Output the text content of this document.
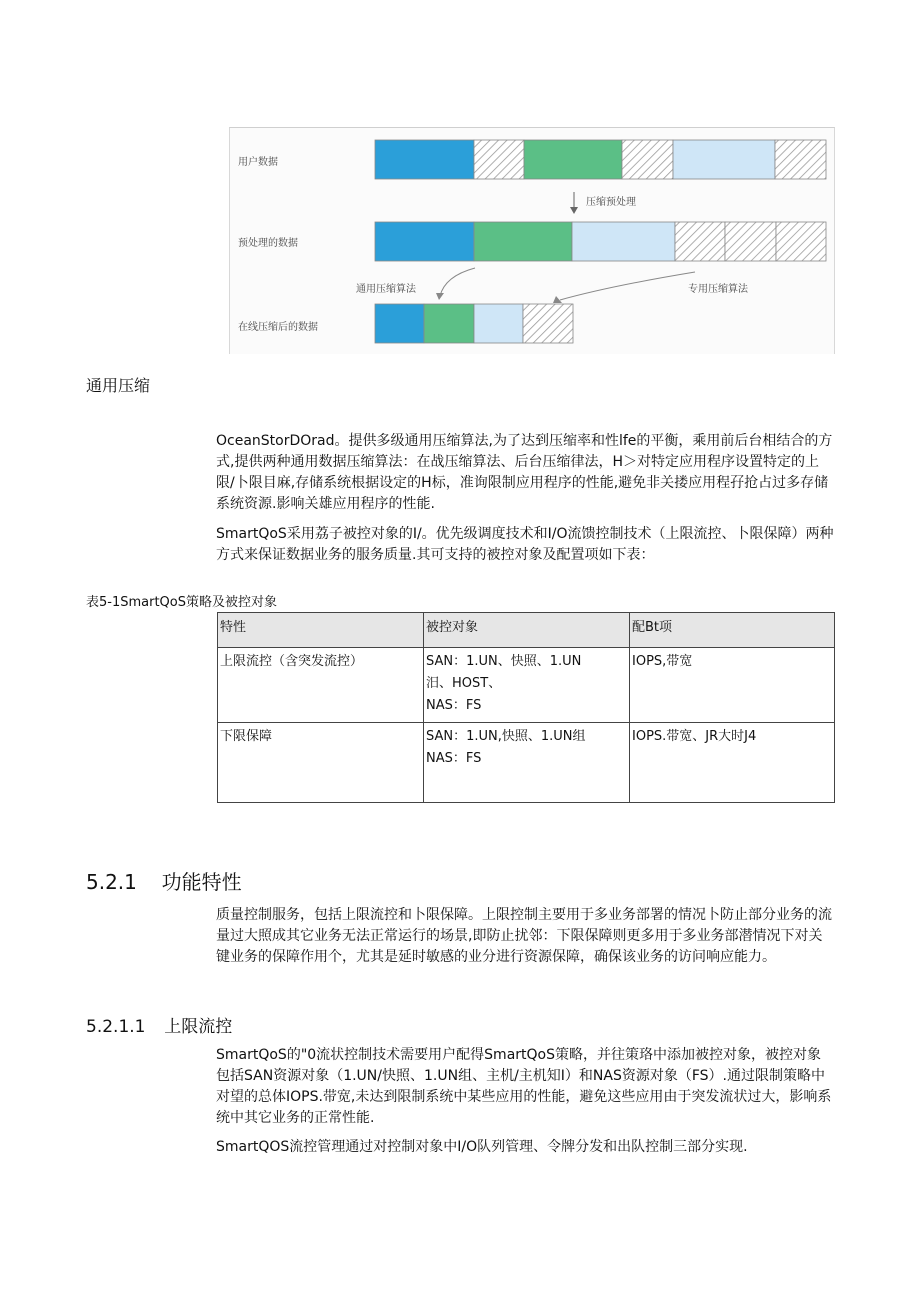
用户数据
预处理的数据
在线压缩后的数据
压缩预处理
通用压缩算法	专用压缩算法
通用压缩
OceanStorDOrad。提供多级通用压缩算法,为了达到压缩率和性lfe的平衡，乘用前后台相结合的方式,提供两种通用数据压缩算法：在战压缩算法、后台压缩律法，H＞对特定应用程序设置特定的上限/卜限目麻,存储系统根据设定的H标，准询限制应用程序的性能,避免非关搂应用程孖抢占过多存储系统资源.影响关雄应用程序的性能.
SmartQoS采用荔子被控对象的I/。优先级调度技术和I/O流馈控制技术（上限流控、卜限保障）两种方式来保证数据业务的服务质量.其可支持的被控对象及配置项如下表：
表5-1SmartQoS策略及被控对象
特性	被控对象	配Bt项
上限流控（含突发流控）	SAN：1.UN、快照、1.UN
汨、HOST、
NAS：FS	IOPS,带宽
下限保障	SAN：1.UN,快照、1.UN组
NAS：FS	IOPS.带宽、JR大时J4
5.2.1 功能特性
质量控制服务，包括上限流控和卜限保障。上限控制主要用于多业务部署的情况卜防止部分业务的流量过大照成其它业务无法正常运行的场景,即防止扰邻：下限保障则更多用于多业务部潜情况下对关键业务的保障作用个，尤其是延时敏感的业分进行资源保障，确保该业务的访问响应能力。
5.2.1.1 上限流控
SmartQoS的"0流状控制技术需要用户配得SmartQoS策略，并往策珞中添加被控对象，被控对象包括SAN资源对象（1.UN/快照、1.UN组、主机/主机知I）和NAS资源对象（FS）.通过限制策略中对望的总体IOPS.带宽,未达到限制系统中某些应用的性能，避免这些应用由于突发流状过大，影响系统中其它业务的正常性能.
SmartQOS流控管理通过对控制对象中I/O队列管理、令牌分发和出队控制三部分实现.
